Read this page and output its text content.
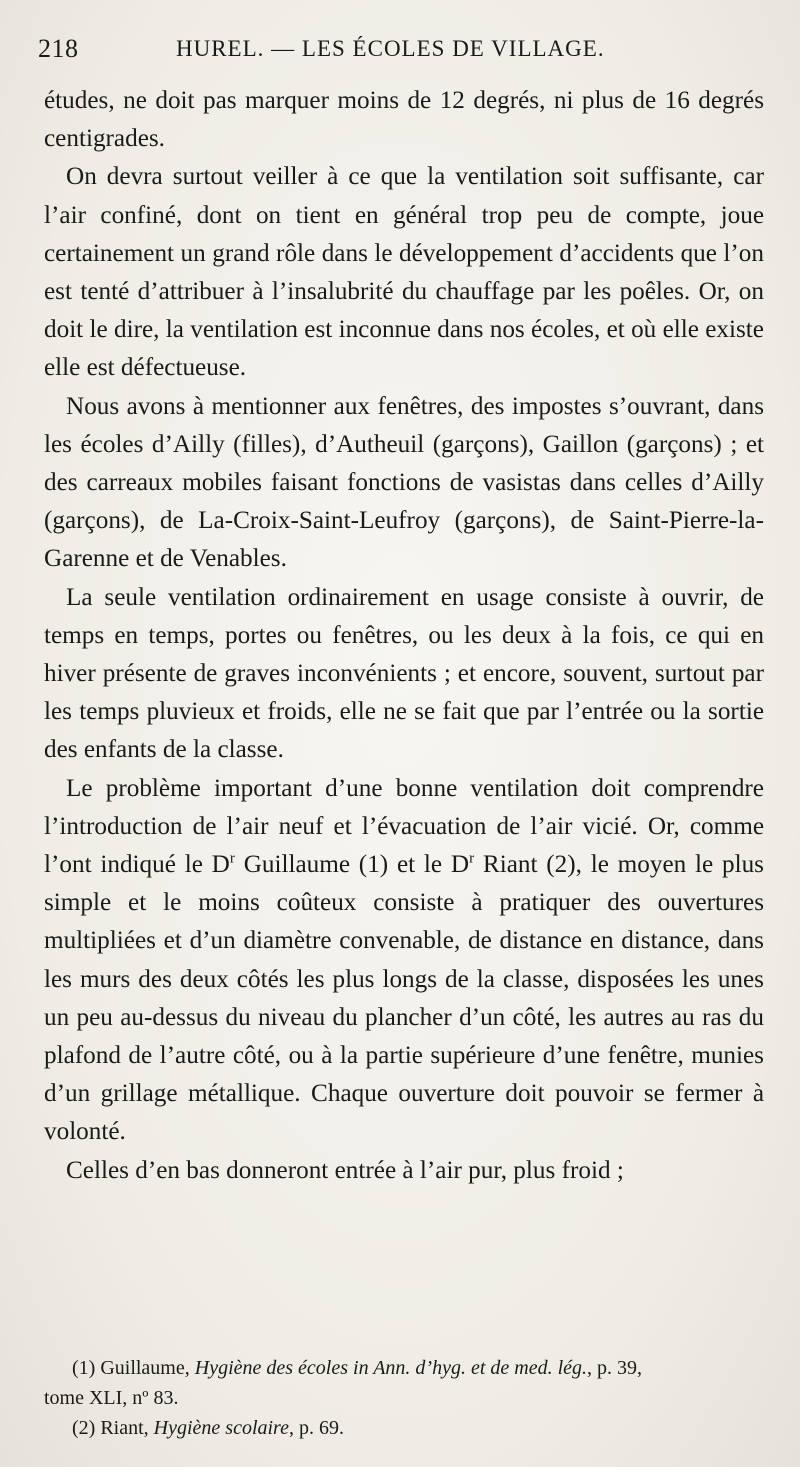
218	HUREL. — LES ÉCOLES DE VILLAGE.

études, ne doit pas marquer moins de 12 degrés, ni plus de 16 degrés centigrades.

On devra surtout veiller à ce que la ventilation soit suffisante, car l’air confiné, dont on tient en général trop peu de compte, joue certainement un grand rôle dans le développement d’accidents que l’on est tenté d’attribuer à l’insalubrité du chauffage par les poêles. Or, on doit le dire, la ventilation est inconnue dans nos écoles, et où elle existe elle est défectueuse.

Nous avons à mentionner aux fenêtres, des impostes s’ouvrant, dans les écoles d’Ailly (filles), d’Autheuil (garçons), Gaillon (garçons) ; et des carreaux mobiles faisant fonctions de vasistas dans celles d’Ailly (garçons), de La-Croix-Saint-Leufroy (garçons), de Saint-Pierre-la-Garenne et de Venables.

La seule ventilation ordinairement en usage consiste à ouvrir, de temps en temps, portes ou fenêtres, ou les deux à la fois, ce qui en hiver présente de graves inconvénients ; et encore, souvent, surtout par les temps pluvieux et froids, elle ne se fait que par l’entrée ou la sortie des enfants de la classe.

Le problème important d’une bonne ventilation doit comprendre l’introduction de l’air neuf et l’évacuation de l’air vicié. Or, comme l’ont indiqué le $D^r$ Guillaume (1) et le $D^r$ Riant (2), le moyen le plus simple et le moins coûteux consiste à pratiquer des ouvertures multipliées et d’un diamètre convenable, de distance en distance, dans les murs des deux côtés les plus longs de la classe, disposées les unes un peu au-dessus du niveau du plancher d’un côté, les autres au ras du plafond de l’autre côté, ou à la partie supérieure d’une fenêtre, munies d’un grillage métallique. Chaque ouverture doit pouvoir se fermer à volonté.

Celles d’en bas donneront entrée à l’air pur, plus froid ;

(1) Guillaume, Hygiène des écoles in Ann. d’hyg. et de med. lég., p. 39,

tome XLI, nº 83.

(2) Riant, Hygiène scolaire, p. 69.
